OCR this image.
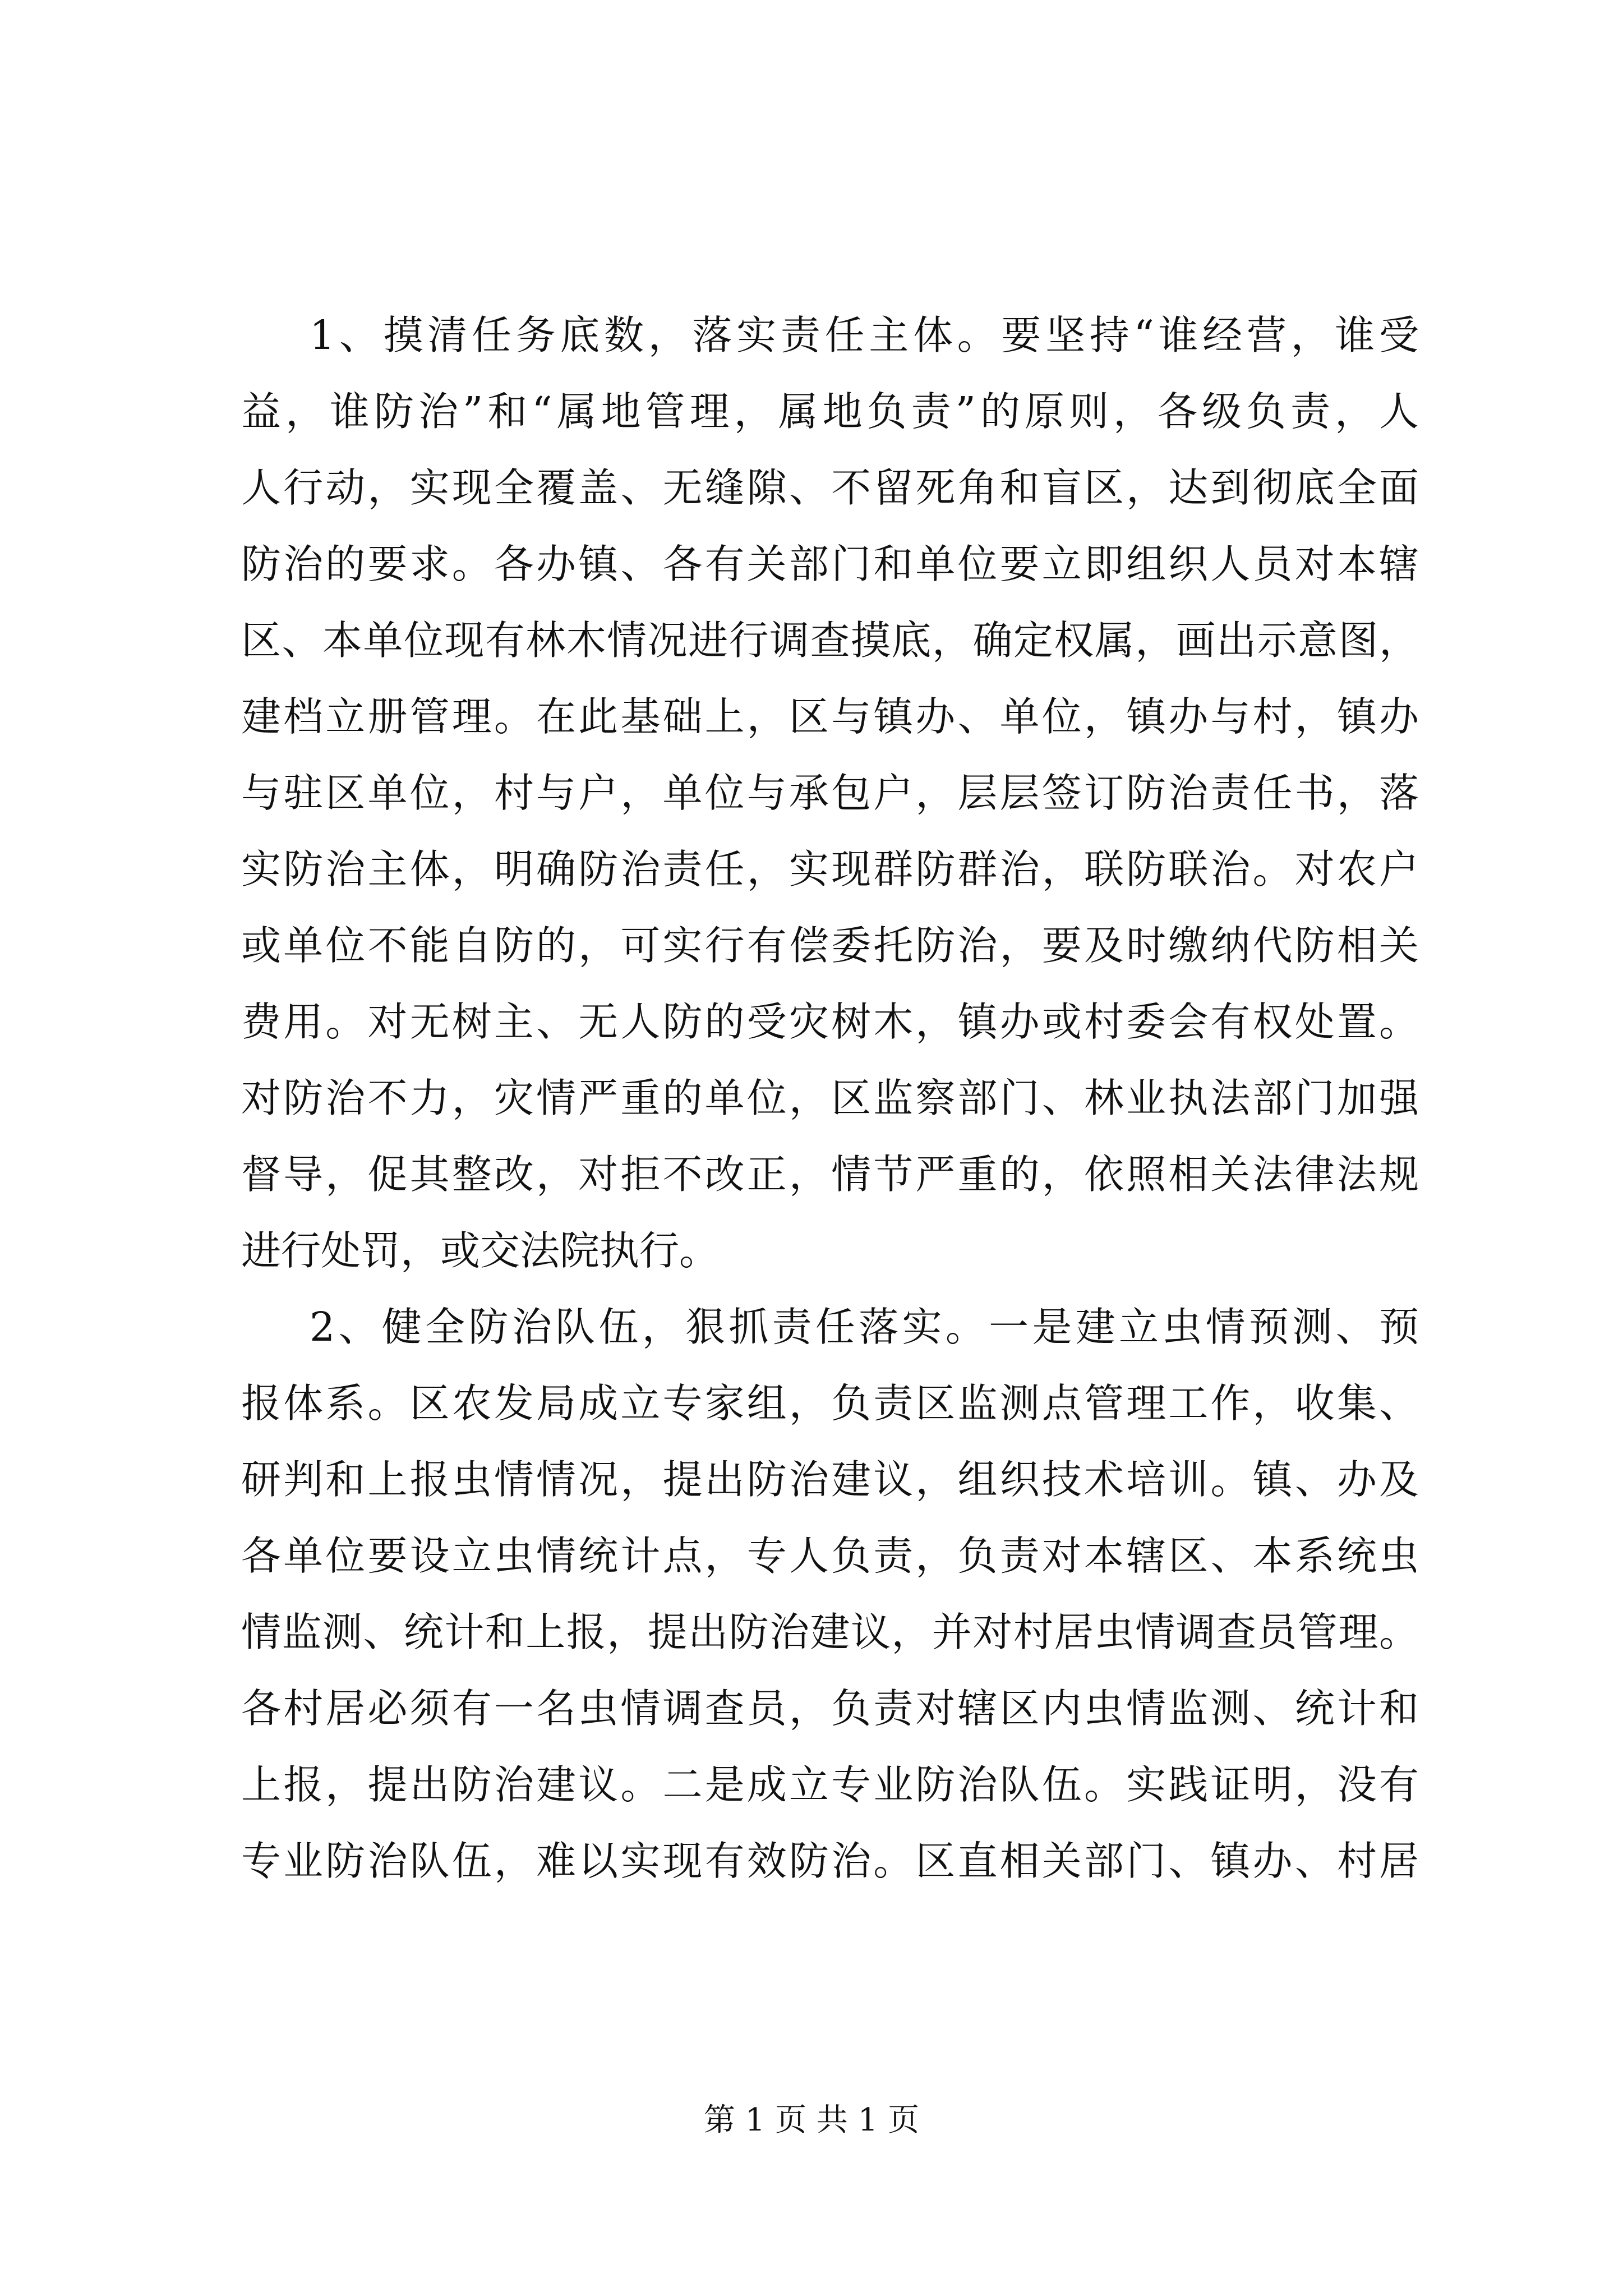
1、摸清任务底数，落实责任主体。要坚持“谁经营，谁受
益，谁防治”和“属地管理，属地负责”的原则，各级负责，人
人行动，实现全覆盖、无缝隙、不留死角和盲区，达到彻底全面
防治的要求。各办镇、各有关部门和单位要立即组织人员对本辖
区、本单位现有林木情况进行调查摸底，确定权属，画出示意图，
建档立册管理。在此基础上，区与镇办、单位，镇办与村，镇办
与驻区单位，村与户，单位与承包户，层层签订防治责任书，落
实防治主体，明确防治责任，实现群防群治，联防联治。对农户
或单位不能自防的，可实行有偿委托防治，要及时缴纳代防相关
费用。对无树主、无人防的受灾树木，镇办或村委会有权处置。
对防治不力，灾情严重的单位，区监察部门、林业执法部门加强
督导，促其整改，对拒不改正，情节严重的，依照相关法律法规
进行处罚，或交法院执行。
2、健全防治队伍，狠抓责任落实。一是建立虫情预测、预
报体系。区农发局成立专家组，负责区监测点管理工作，收集、
研判和上报虫情情况，提出防治建议，组织技术培训。镇、办及
各单位要设立虫情统计点，专人负责，负责对本辖区、本系统虫
情监测、统计和上报，提出防治建议，并对村居虫情调查员管理。
各村居必须有一名虫情调查员，负责对辖区内虫情监测、统计和
上报，提出防治建议。二是成立专业防治队伍。实践证明，没有
专业防治队伍，难以实现有效防治。区直相关部门、镇办、村居
第 1 页 共 1 页
